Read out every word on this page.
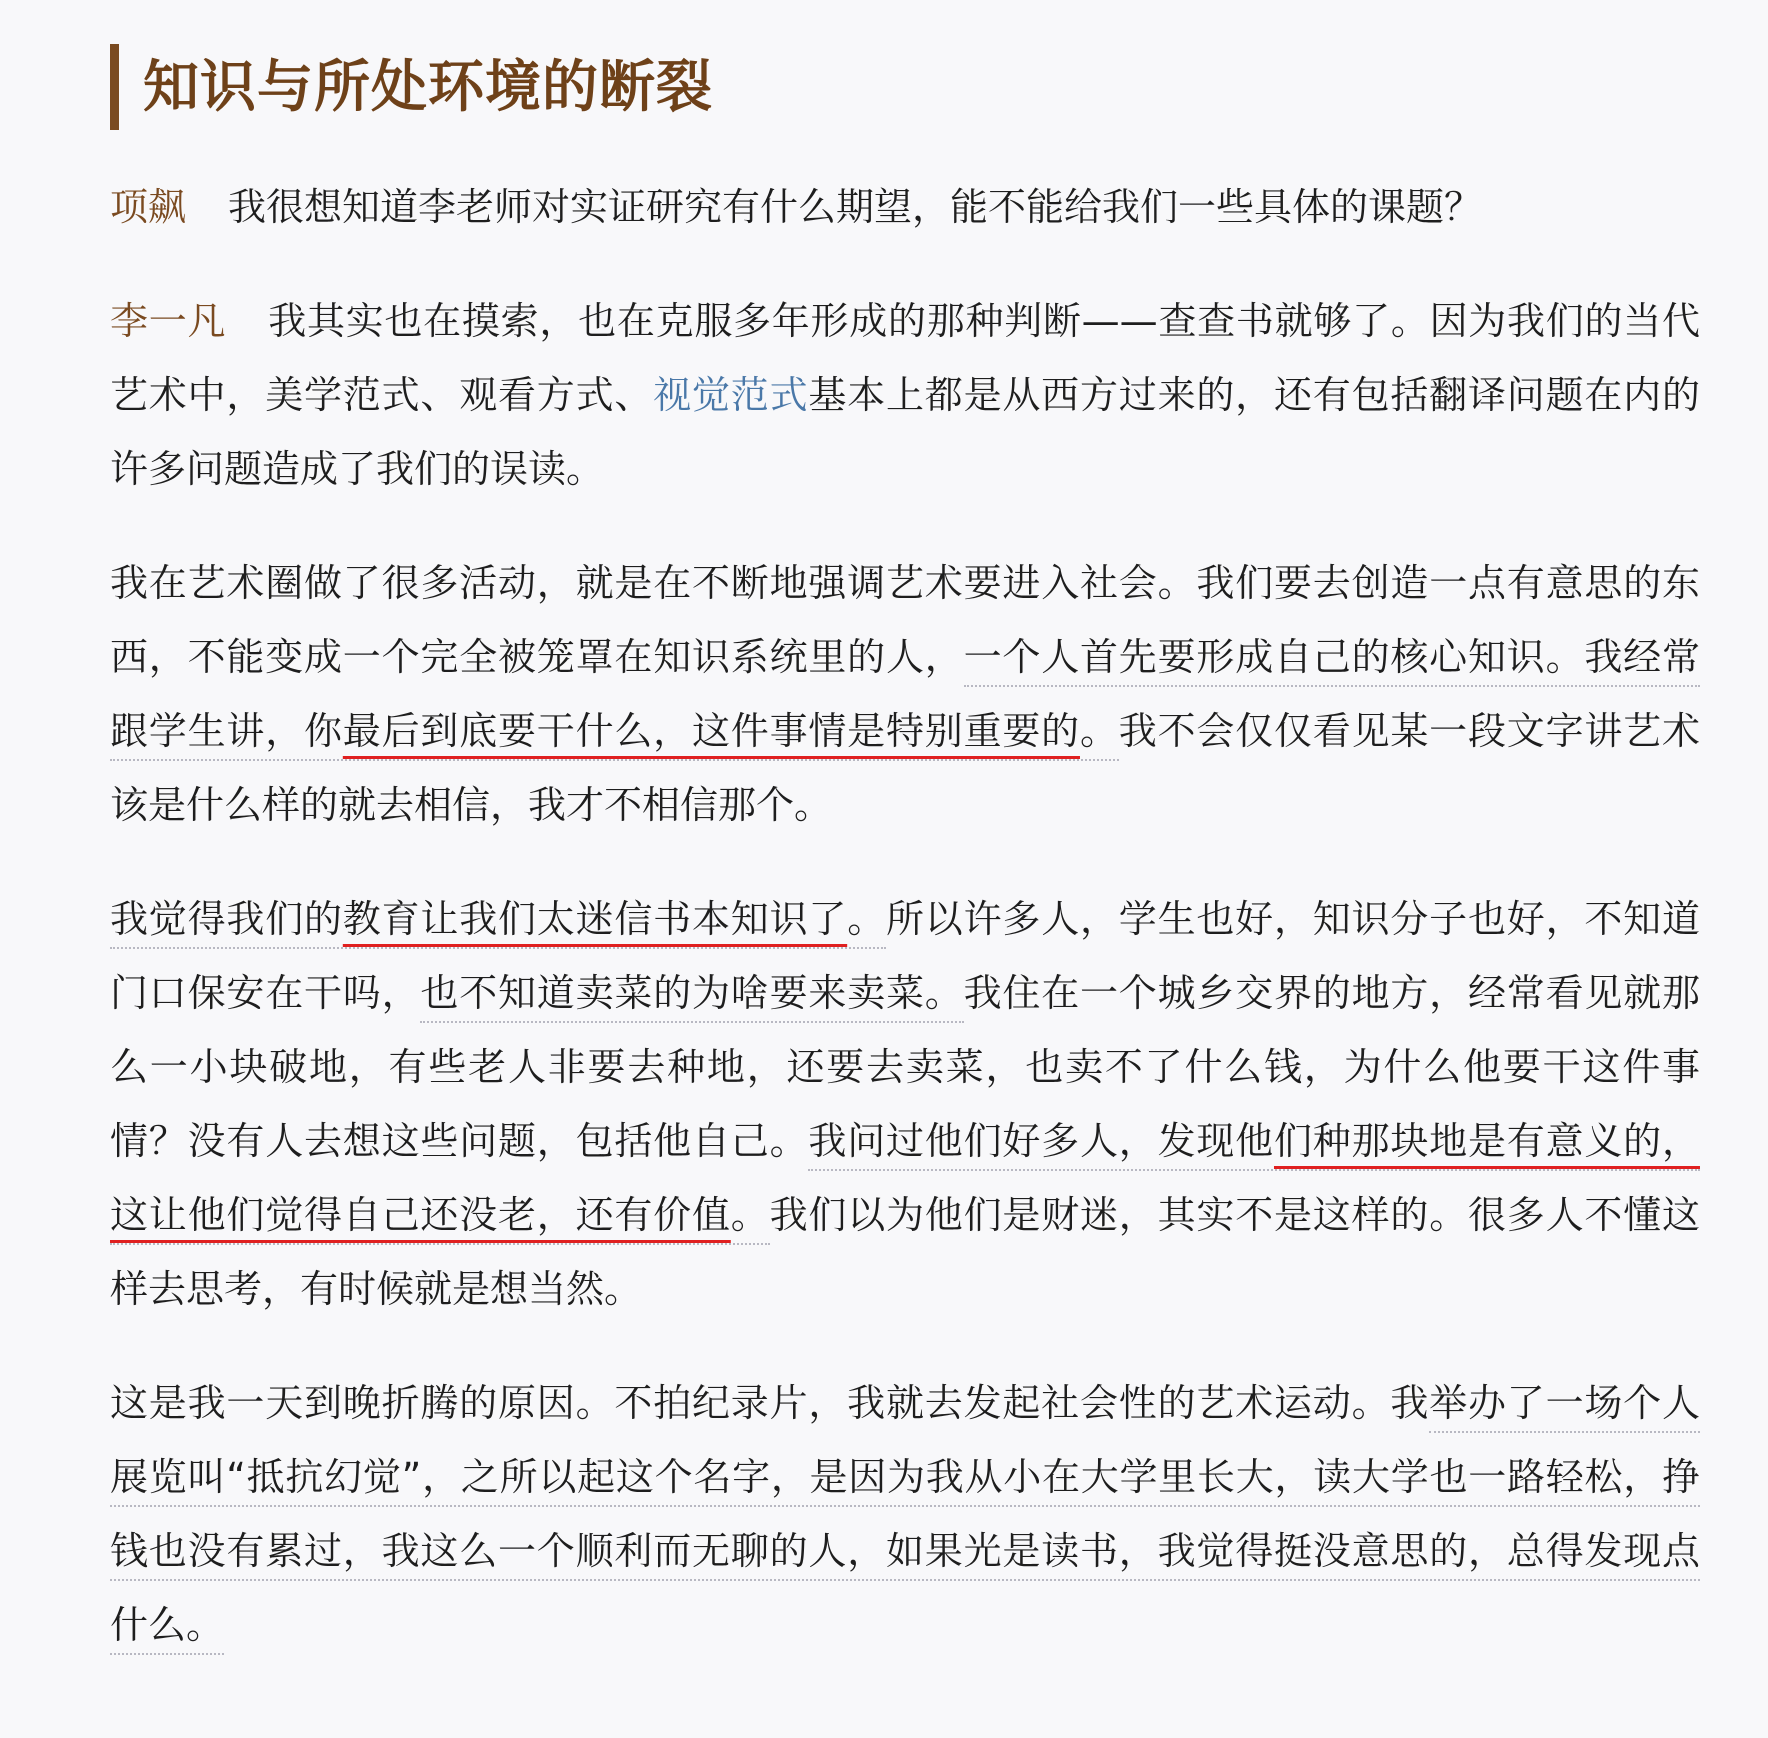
知识与所处环境的断裂

项飙 我很想知道李老师对实证研究有什么期望，能不能给我们一些具体的课题？

李一凡 我其实也在摸索，也在克服多年形成的那种判断——查查书就够了。因为我们的当代艺术中，美学范式、观看方式、视觉范式基本上都是从西方过来的，还有包括翻译问题在内的许多问题造成了我们的误读。

我在艺术圈做了很多活动，就是在不断地强调艺术要进入社会。我们要去创造一点有意思的东西，不能变成一个完全被笼罩在知识系统里的人，一个人首先要形成自己的核心知识。我经常跟学生讲，你最后到底要干什么，这件事情是特别重要的。我不会仅仅看见某一段文字讲艺术该是什么样的就去相信，我才不相信那个。

我觉得我们的教育让我们太迷信书本知识了。所以许多人，学生也好，知识分子也好，不知道门口保安在干吗，也不知道卖菜的为啥要来卖菜。我住在一个城乡交界的地方，经常看见就那么一小块破地，有些老人非要去种地，还要去卖菜，也卖不了什么钱，为什么他要干这件事情？没有人去想这些问题，包括他自己。我问过他们好多人，发现他们种那块地是有意义的，这让他们觉得自己还没老，还有价值。我们以为他们是财迷，其实不是这样的。很多人不懂这样去思考，有时候就是想当然。

这是我一天到晚折腾的原因。不拍纪录片，我就去发起社会性的艺术运动。我举办了一场个人展览叫“抵抗幻觉”，之所以起这个名字，是因为我从小在大学里长大，读大学也一路轻松，挣钱也没有累过，我这么一个顺利而无聊的人，如果光是读书，我觉得挺没意思的，总得发现点什么。
